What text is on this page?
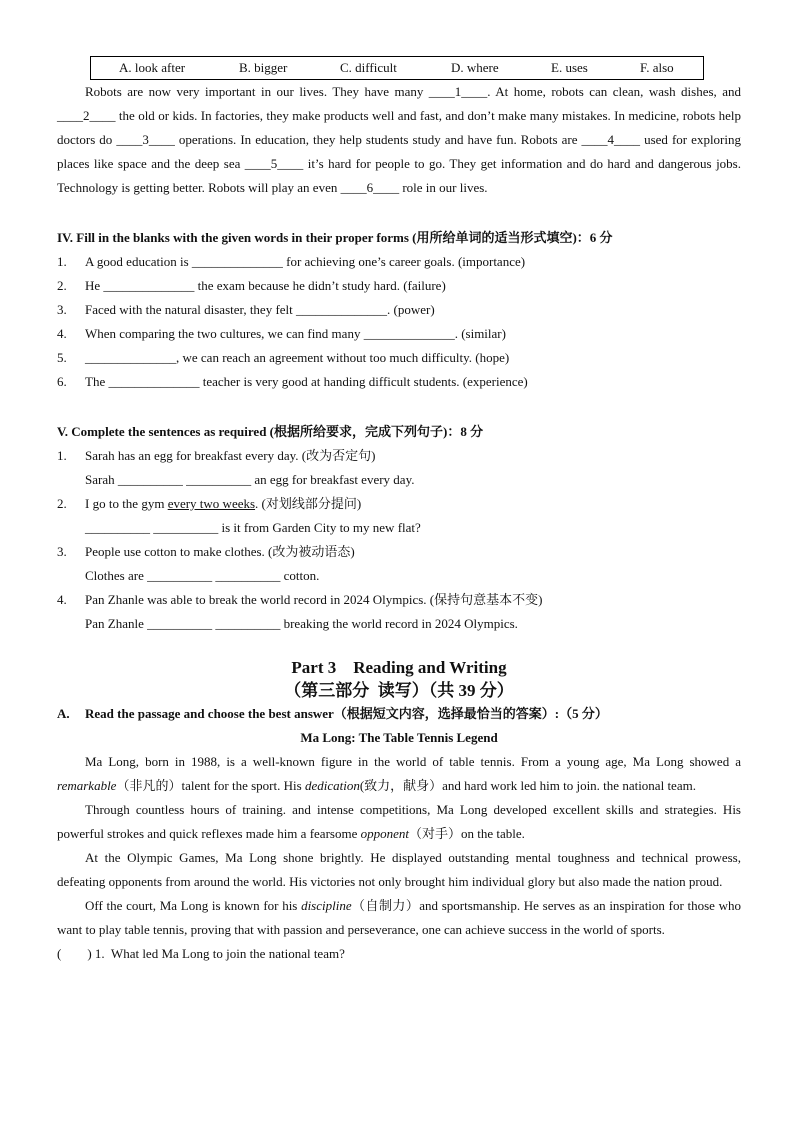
A. look after	B. bigger	C. difficult	D. where	E. uses	F. also

Robots are now very important in our lives. They have many ____1____. At home, robots can clean, wash dishes, and ____2____ the old or kids. In factories, they make products well and fast, and don’t make many mistakes. In medicine, robots help doctors do ____3____ operations. In education, they help students study and have fun. Robots are ____4____ used for exploring places like space and the deep sea ____5____ it’s hard for people to go. They get information and do hard and dangerous jobs. Technology is getting better. Robots will play an even ____6____ role in our lives.

IV. Fill in the blanks with the given words in their proper forms (用所给单词的适当形式填空)：6 分
1.	A good education is ______________ for achieving one’s career goals. (importance)
2.	He ______________ the exam because he didn’t study hard. (failure)
3.	Faced with the natural disaster, they felt ______________. (power)
4.	When comparing the two cultures, we can find many ______________. (similar)
5.	______________, we can reach an agreement without too much difficulty. (hope)
6.	The ______________ teacher is very good at handing difficult students. (experience)
V. Complete the sentences as required (根据所给要求，完成下列句子)：8 分
1.	Sarah has an egg for breakfast every day. (改为否定句)
Sarah __________ __________ an egg for breakfast every day.
2.	I go to the gym every two weeks. (对划线部分提问)
__________ __________ is it from Garden City to my new flat?
3.	People use cotton to make clothes. (改为被动语态)
Clothes are __________ __________ cotton.
4.	Pan Zhanle was able to break the world record in 2024 Olympics. (保持句意基本不变)
Pan Zhanle __________ __________ breaking the world record in 2024 Olympics.
Part 3    Reading and Writing
（第三部分  读写）（共 39 分）
A.	Read the passage and choose the best answer（根据短文内容，选择最恰当的答案）:（5 分）
Ma Long: The Table Tennis Legend

Ma Long, born in 1988, is a well-known figure in the world of table tennis. From a young age, Ma Long showed a remarkable（非凡的）talent for the sport. His dedication(致力，献身）and hard work led him to join. the national team.

Through countless hours of training. and intense competitions, Ma Long developed excellent skills and strategies. His powerful strokes and quick reflexes made him a fearsome opponent（对手）on the table.

At the Olympic Games, Ma Long shone brightly. He displayed outstanding mental toughness and technical prowess, defeating opponents from around the world. His victories not only brought him individual glory but also made the nation proud.

Off the court, Ma Long is known for his discipline（自制力）and sportsmanship. He serves as an inspiration for those who want to play table tennis, proving that with passion and perseverance, one can achieve success in the world of sports.

(        ) 1.  What led Ma Long to join the national team?
